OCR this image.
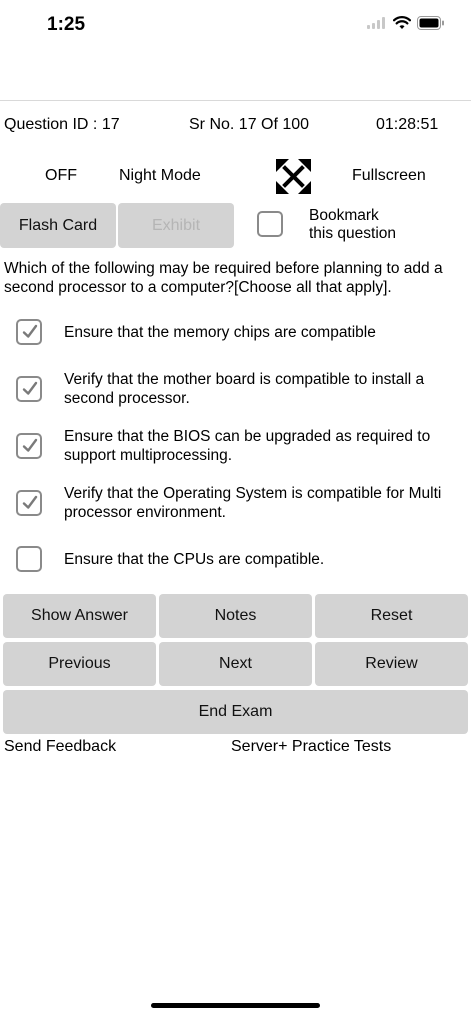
1:25
Question ID : 17	Sr No. 17 Of 100	01:28:51
OFF	Night Mode	Fullscreen
Flash Card	Exhibit
Bookmark
this question
Which of the following may be required before planning to add a second processor to a computer?[Choose all that apply].
Ensure that the memory chips are compatible
Verify that the mother board is compatible to install a second processor.
Ensure that the BIOS can be upgraded as required to support multiprocessing.
Verify that the Operating System is compatible for Multi processor environment.
Ensure that the CPUs are compatible.
Show Answer	Notes	Reset
Previous	Next	Review
End Exam
Send Feedback	Server+ Practice Tests
